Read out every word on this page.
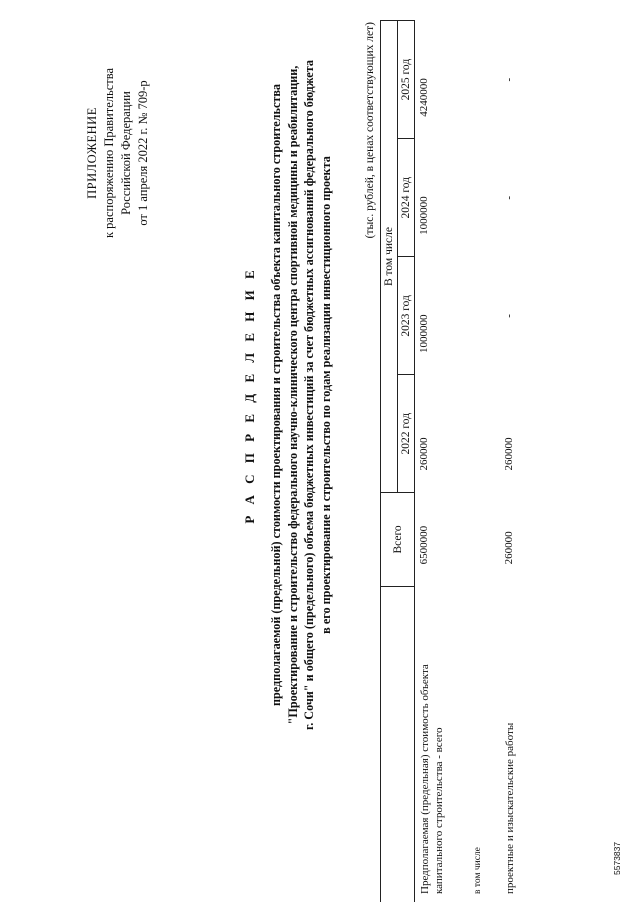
ПРИЛОЖЕНИЕ к распоряжению Правительства Российской Федерации от 1 апреля 2022 г. № 709-р
Р А С П Р Е Д Е Л Е Н И Е предполагаемой (предельной) стоимости проектирования и строительства объекта капитального строительства "Проектирование и строительство федерального научно-клинического центра спортивной медицины и реабилитации, г. Сочи" и общего (предельного) объема бюджетных инвестиций за счет бюджетных ассигнований федерального бюджета в его проектирование и строительство по годам реализации инвестиционного проекта
(тыс. рублей, в ценах соответствующих лет)
	Всего	В том числе			
		2022 год	2023 год	2024 год	2025 год

Предполагаемая (предельная) стоимость объекта капитального строительства - всего	6500000	260000	1000000	1000000	4240000
в том числе					
проектные и изыскательские работы	260000	260000	-	-	-
5573837
